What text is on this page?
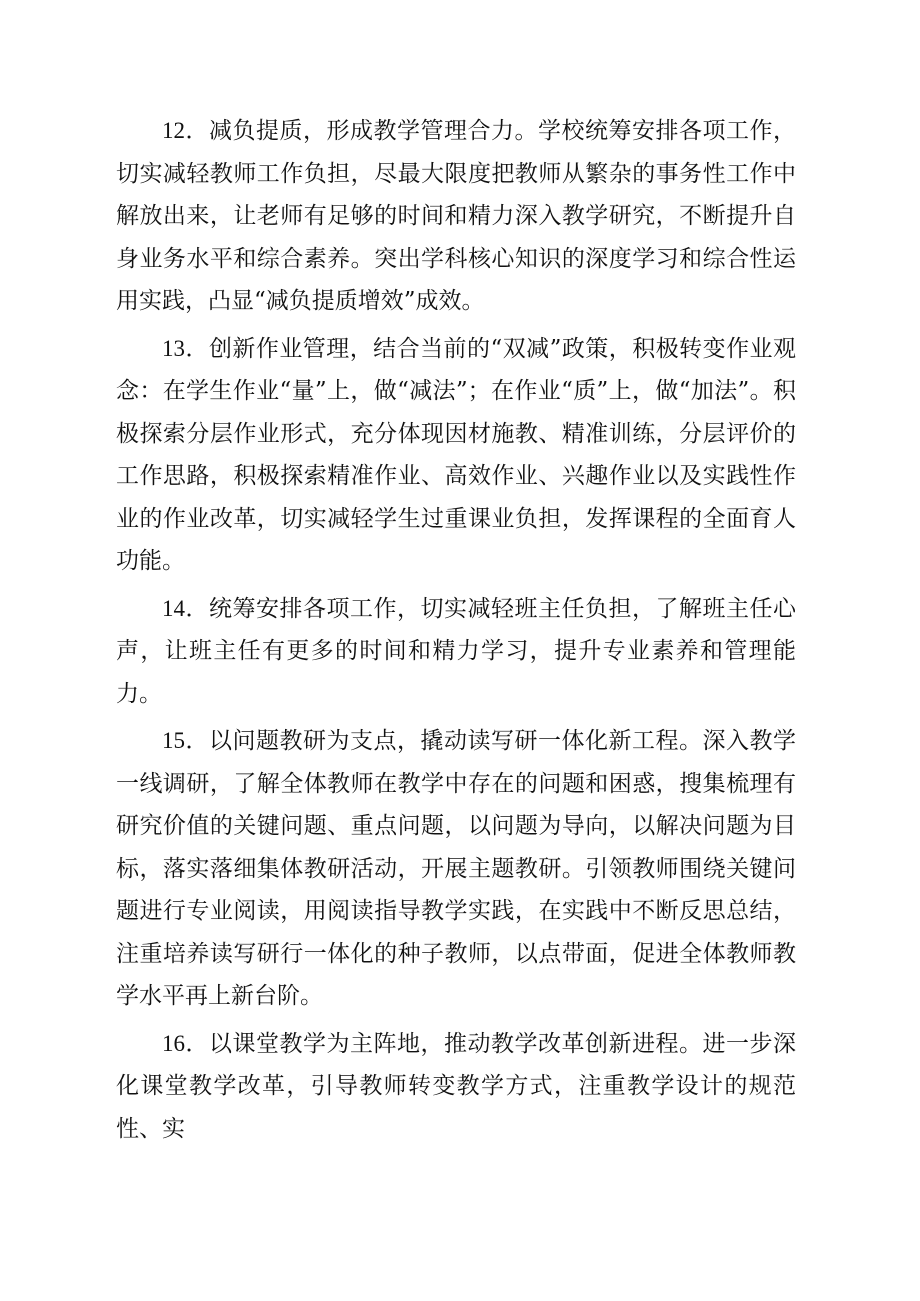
12．减负提质，形成教学管理合力。学校统筹安排各项工作，切实减轻教师工作负担，尽最大限度把教师从繁杂的事务性工作中解放出来，让老师有足够的时间和精力深入教学研究，不断提升自身业务水平和综合素养。突出学科核心知识的深度学习和综合性运用实践，凸显“减负提质增效”成效。

13．创新作业管理，结合当前的“双减”政策，积极转变作业观念：在学生作业“量”上，做“减法”；在作业“质”上，做“加法”。积极探索分层作业形式，充分体现因材施教、精准训练，分层评价的工作思路，积极探索精准作业、高效作业、兴趣作业以及实践性作业的作业改革，切实减轻学生过重课业负担，发挥课程的全面育人功能。

14．统筹安排各项工作，切实减轻班主任负担，了解班主任心声，让班主任有更多的时间和精力学习，提升专业素养和管理能力。

15．以问题教研为支点，撬动读写研一体化新工程。深入教学一线调研，了解全体教师在教学中存在的问题和困惑，搜集梳理有研究价值的关键问题、重点问题，以问题为导向，以解决问题为目标，落实落细集体教研活动，开展主题教研。引领教师围绕关键问题进行专业阅读，用阅读指导教学实践，在实践中不断反思总结，注重培养读写研行一体化的种子教师，以点带面，促进全体教师教学水平再上新台阶。

16．以课堂教学为主阵地，推动教学改革创新进程。进一步深化课堂教学改革，引导教师转变教学方式，注重教学设计的规范性、实
